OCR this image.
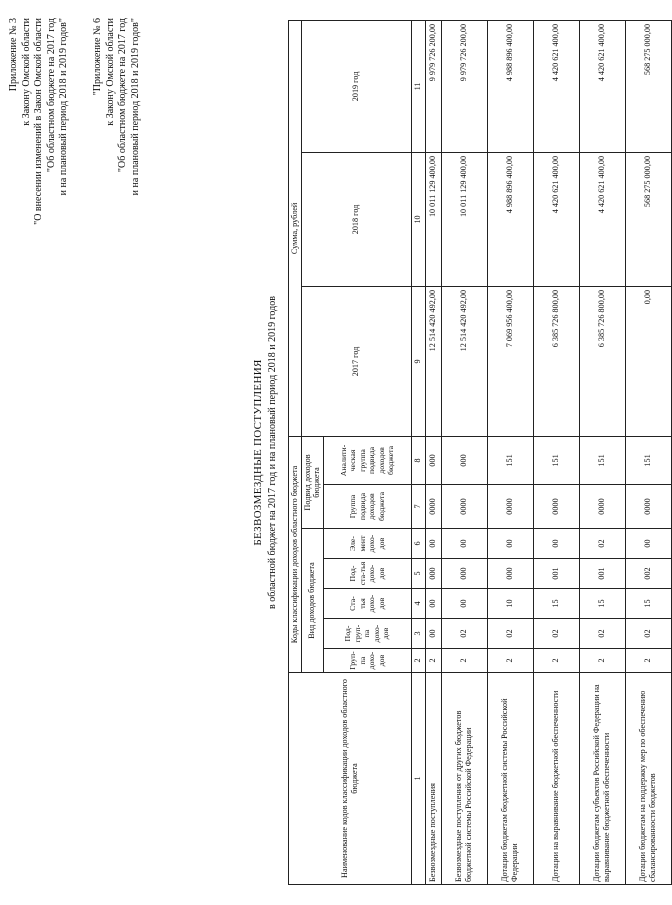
Приложение № 3 к Закону Омской области "О внесении изменений в Закон Омской области "Об областном бюджете на 2017 год и на плановый период 2018 и 2019 годов" "Приложение № 6 к Закону Омской области "Об областном бюджете на 2017 год и на плановый период 2018 и 2019 годов"
БЕЗВОЗМЕЗДНЫЕ ПОСТУПЛЕНИЯ в областной бюджет на 2017 год и на плановый период 2018 и 2019 годов
Наименование кодов классификации доходов областного бюджета	Коды классификации доходов областного бюджета							Сумма, рублей		
	Вид доходов бюджета					Подвид доходов бюджета		2017 год	2018 год	2019 год
	Груп-па дохо-дов	Под-груп-па дохо-дов	Ста-тья дохо-дов	Под-ста-тья дохо-дов	Эле-мент дохо-дов	Группа подвида доходов бюджета	Аналити-ческая группа подвида доходов бюджета			
1	2	3	4	5	6	7	8	9	10	11
Безвозмездные поступления	2	00	00	000	00	0000	000	12 514 420 492,00	10 011 129 400,00	9 979 726 200,00
Безвозмездные поступления от других бюджетов бюджетной системы Российской Федерации	2	02	00	000	00	0000	000	12 514 420 492,00	10 011 129 400,00	9 979 726 200,00
Дотации бюджетам бюджетной системы Российской Федерации	2	02	10	000	00	0000	151	7 069 956 400,00	4 988 896 400,00	4 988 896 400,00
Дотации на выравнивание бюджетной обеспеченности	2	02	15	001	00	0000	151	6 385 726 800,00	4 420 621 400,00	4 420 621 400,00
Дотации бюджетам субъектов Российской Федерации на выравнивание бюджетной обеспеченности	2	02	15	001	02	0000	151	6 385 726 800,00	4 420 621 400,00	4 420 621 400,00
Дотации бюджетам на поддержку мер по обеспечению сбалансированности бюджетов	2	02	15	002	00	0000	151	0,00	568 275 000,00	568 275 000,00
